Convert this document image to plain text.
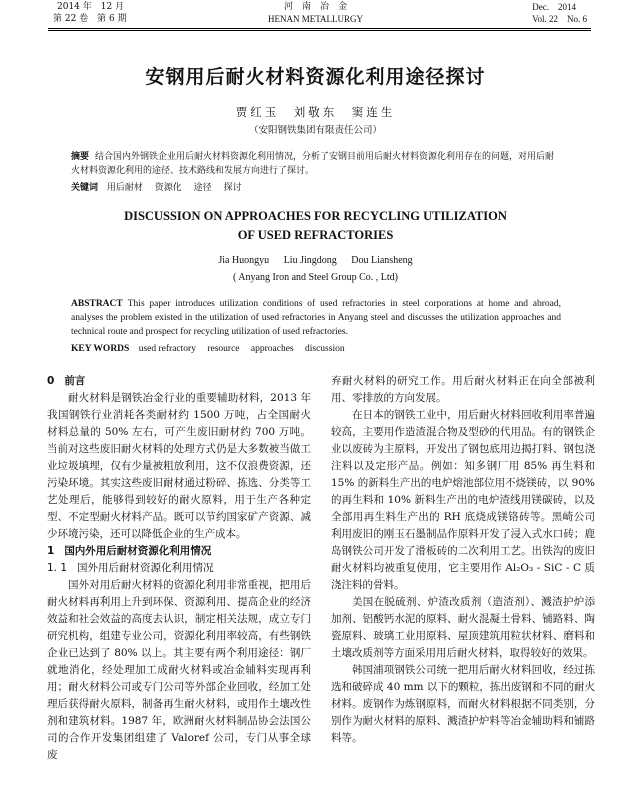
2014 年　12 月
第 22 卷　第 6 期
河　南　冶　金
HENAN METALLURGY
Dec.　2014
Vol. 22　No. 6
安钢用后耐火材料资源化利用途径探讨
贾红玉　刘敬东　窦连生
（安阳钢铁集团有限责任公司）
摘要 结合国内外钢铁企业用后耐火材料资源化利用情况，分析了安钢目前用后耐火材料资源化利用存在的问题，对用后耐火材料资源化利用的途径、技术路线和发展方向进行了探讨。
关键词 用后耐材 资源化 途径 探讨
DISCUSSION ON APPROACHES FOR RECYCLING UTILIZATION
OF USED REFRACTORIES
Jia Huongyu Liu Jingdong Dou Liansheng
( Anyang Iron and Steel Group Co. , Ltd)
ABSTRACT This paper introduces utilization conditions of used refractories in steel corporations at home and abroad, analyses the problem existed in the utilization of used refractories in Anyang steel and discusses the utilization approaches and technical route and prospect for recycling utilization of used refractories.
KEY WORDS used refractory resource approaches discussion
0 前言

耐火材料是钢铁冶金行业的重要辅助材料，2013 年我国钢铁行业消耗各类耐材约 1500 万吨，占全国耐火材料总量的 50% 左右，可产生废旧耐材约 700 万吨。当前对这些废旧耐火材料的处理方式仍是大多数被当做工业垃圾填埋，仅有少量被粗放利用，这不仅浪费资源，还污染环境。其实这些废旧耐材通过粉碎、拣选、分类等工艺处理后，能够得到较好的耐火原料，用于生产各种定型、不定型耐火材料产品。既可以节约国家矿产资源、减少环境污染，还可以降低企业的生产成本。

1 国内外用后耐材资源化利用情况
1. 1 国外用后耐材资源化利用情况

国外对用后耐火材料的资源化利用非常重视，把用后耐火材料再利用上升到环保、资源利用、提高企业的经济效益和社会效益的高度去认识，制定相关法规，成立专门研究机构，组建专业公司，资源化利用率较高，有些钢铁企业已达到了 80% 以上。其主要有两个利用途径：钢厂就地消化，经处理加工成耐火材料或冶金辅料实现再利用；耐火材料公司或专门公司等外部企业回收，经加工处理后获得耐火原料，制备再生耐火材料，或用作土壤改性剂和建筑材料。1987 年，欧洲耐火材料制品协会法国公司的合作开发集团组建了 Valoref 公司，专门从事全球废

弃耐火材料的研究工作。用后耐火材料正在向全部被利用、零排放的方向发展。

在日本的钢铁工业中，用后耐火材料回收利用率普遍较高，主要用作造渣混合物及型砂的代用品。有的钢铁企业以废砖为主原料，开发出了钢包底用边揭打料、钢包浇注料以及定形产品。例如：知多钢厂用 85% 再生料和 15% 的新料生产出的电炉熔池部位用不烧镁砖，以 90% 的再生料和 10% 新料生产出的电炉渣线用镁碳砖，以及全部用再生料生产出的 RH 底烧成镁铬砖等。黑崎公司利用废旧的刚玉石墨制品作原料开发了浸入式水口砖；鹿岛钢铁公司开发了滑板砖的二次利用工艺。出铁沟的废旧耐火材料均被重复使用，它主要用作 Al₂O₃ - SiC - C 质浇注料的骨料。

美国在脱硫剂、炉渣改质剂（造渣剂）、溅渣护炉添加剂、铝酸钙水泥的原料、耐火混凝土骨料、铺路料、陶瓷原料、玻璃工业用原料、屋顶建筑用粒状材料、磨料和土壤改质剂等方面采用用后耐火材料，取得较好的效果。

韩国浦项钢铁公司统一把用后耐火材料回收，经过拣选和破碎成 40 mm 以下的颗粒，拣出废钢和不同的耐火材料。废钢作为炼钢原料，而耐火材料根据不同类别，分别作为耐火材料的原料、溅渣护炉料等冶金辅助料和铺路料等。
